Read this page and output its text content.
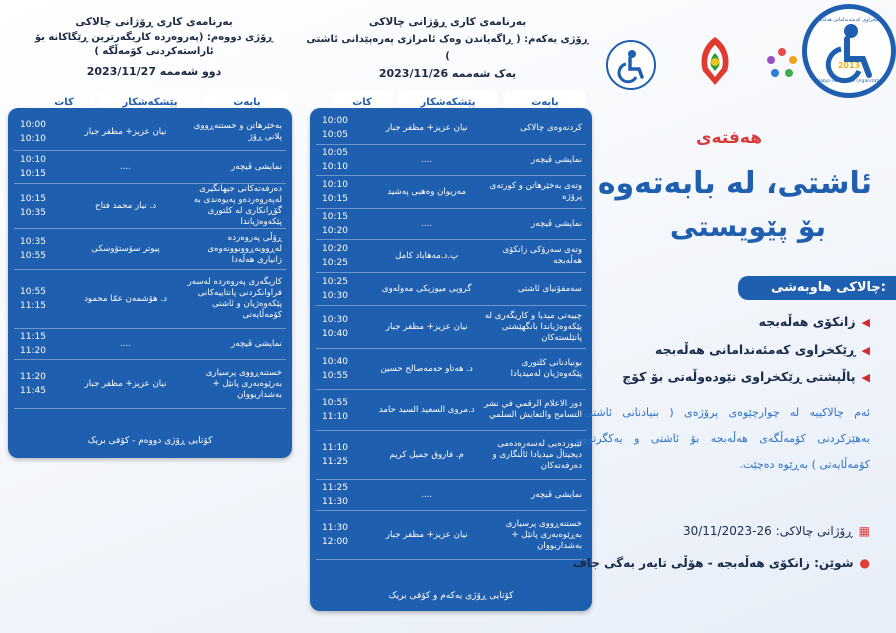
بەرنامەی کاری ڕۆژانی چالاکی
ڕۆژی دووەم: (پەروەردە کاریگەرترین ڕێگاکانە بۆ ئاراستەکردنی کۆمەڵگە )
دوو شەممە 2023/11/27
بابەت
پێشکەشکار
کات
بەخێرهاتن و خستنەڕووی پلانی ڕۆژ
نیان عزیز+ مظفر جبار
10:00
10:10
نمایشی ڤیچەر
....
10:10
10:15
دەرفەتەکانی جیهانگیری لەپەروەردەو پەیوەندی بە گۆڕانکاری لە کلتوری پێکەوەژیاندا
د. نیاز محمد فتاح
10:15
10:35
ڕۆڵی پەروەردە لەڕووبەڕووبوونەوەی زانیاری هەڵەدا
پیوتر سۆستۆوسکی
10:35
10:55
کاریگەری پەروەردە لەسەر فراوانکردنی پانتاییەکانی پێکەوەژیان و ئاشتی کۆمەڵایەتی
د. هۆشمەن عمّا محمود
10:55
11:15
نمایشی ڤیچەر
....
11:15
11:20
خستنەڕووی پرسیاری بەرێوەبەری پانێل + بەشداربووان
نیان عزیز+ مظفر جبار
11:20
11:45
کۆتایی ڕۆژی دووەم - کۆفی بریک
بەرنامەی کاری ڕۆژانی چالاکی
ڕۆژی یەکەم: ( ڕاگەیاندن وەک ئامرازی پەرەپێدانی ئاشتی )
یەک شەممە 2023/11/26
بابەت
پێشکەشکار
کات
کردنەوەی چالاکی
نیان عزیز+ مظفر جبار
10:00
10:05
نمایشی ڤیچەر
....
10:05
10:10
وتەی بەخێرهاتن و کورتەی پرۆژە
مەریوان وەهبی پەشید
10:10
10:15
نمایشی ڤیچەر
....
10:15
10:20
وتەی سەرۆکی زانکۆی هەڵەبجە
پ.د.مەهاباد کامل
10:20
10:25
سەمفۆنیای ئاشتی
گروپی میوزیکی مەولەوی
10:25
10:30
چییەتی میدیا و کاریگەری لە پێکەوەژیاندا بانگهێشتی پانێلستەکان
نیان عزیز+ مظفر جبار
10:30
10:40
بونیادنانی کلتوری پێکەوەژیان لەمیدیادا
د. هەتاو حەمەصالح حسین
10:40
10:55
دور الاعلام الرقمي في نشر التسامح والتعايش السلمي
د.مروى السعيد السيد حامد
10:55
11:10
لێبوردەیی لەسەرەدەمی دیجیتاڵ میدیادا ئاڵنگاری و دەرفەتەکان
م. فاروق جمیل کریم
11:10
11:25
نمایشی ڤیچەر
....
11:25
11:30
خستنەڕووی پرسیاری بەڕێوەبەری پانێل + بەشداربووان
نیان عزیز+ مظفر جبار
11:30
12:00
کۆتایی ڕۆژی یەکەم و کۆفی بریک
2013
ڕێکخراوی کەمئەندامانی هەڵەبجە
Halabja Handicaps Organization
هەفتەی
ئاشتی، لە بابەتەوە
بۆ پێویستی
چالاکی هاوبەشی:
◀زانکۆی هەڵەبجە
◀ڕێکخراوی کەمئەندامانی هەڵەبجە
◀پاڵپشتی ڕێکخراوی نێودەوڵەتی بۆ کۆچ
ئەم چالاکییە لە چوارچێوەی پرۆژەی ( بنیادنانی ئاشتی ، بەهێزکردنی کۆمەڵگەی هەڵەبجە بۆ ئاشتی و یەکگرتوویی کۆمەڵایەتی ) بەڕێوە دەچێت.
▦ڕۆژانی چالاکی: 26-30/11/2023
●شوێن: زانکۆی هەڵەبجە - هۆڵی تایەر بەگی جاف
